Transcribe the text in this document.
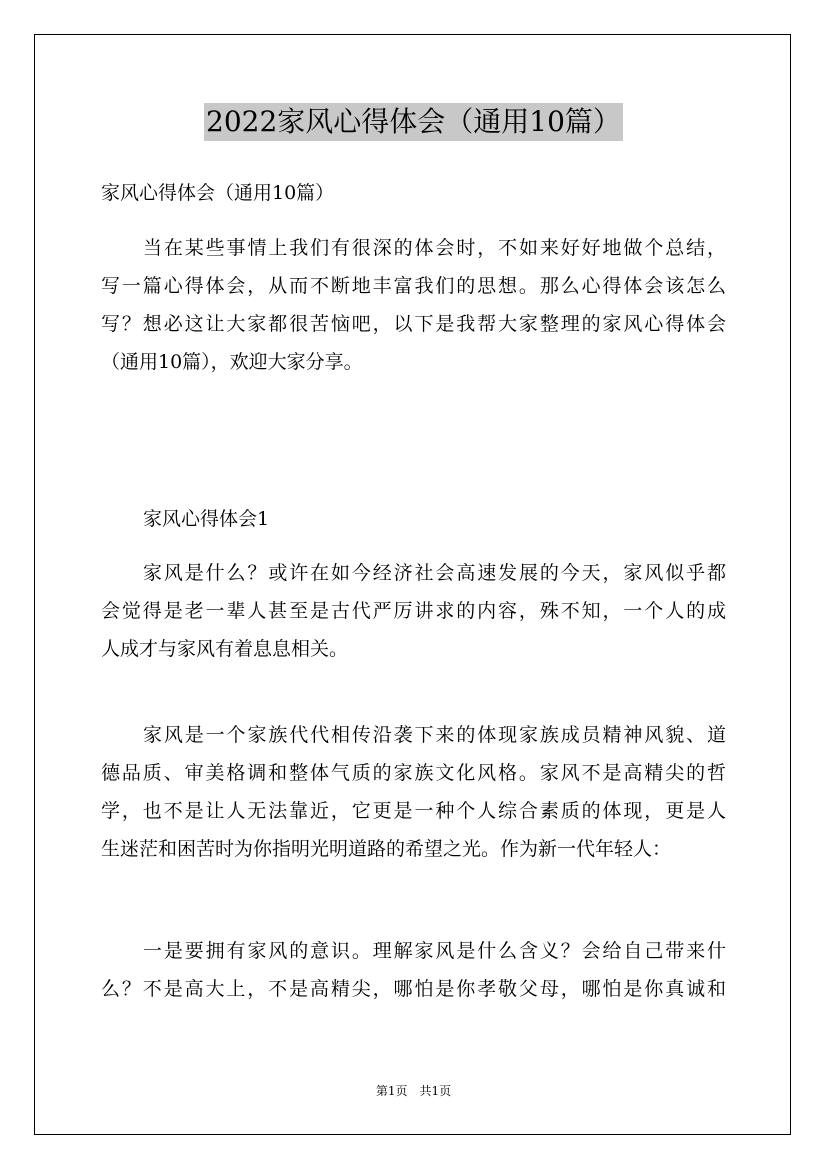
2022家风心得体会（通用10篇）
家风心得体会（通用10篇）
当在某些事情上我们有很深的体会时，不如来好好地做个总结，
写一篇心得体会，从而不断地丰富我们的思想。那么心得体会该怎么
写？想必这让大家都很苦恼吧，以下是我帮大家整理的家风心得体会
（通用10篇），欢迎大家分享。
家风心得体会1
家风是什么？或许在如今经济社会高速发展的今天，家风似乎都
会觉得是老一辈人甚至是古代严厉讲求的内容，殊不知，一个人的成
人成才与家风有着息息相关。
家风是一个家族代代相传沿袭下来的体现家族成员精神风貌、道
德品质、审美格调和整体气质的家族文化风格。家风不是高精尖的哲
学，也不是让人无法靠近，它更是一种个人综合素质的体现，更是人
生迷茫和困苦时为你指明光明道路的希望之光。作为新一代年轻人：
一是要拥有家风的意识。理解家风是什么含义？会给自己带来什
么？不是高大上，不是高精尖，哪怕是你孝敬父母，哪怕是你真诚和
第1页　共1页
